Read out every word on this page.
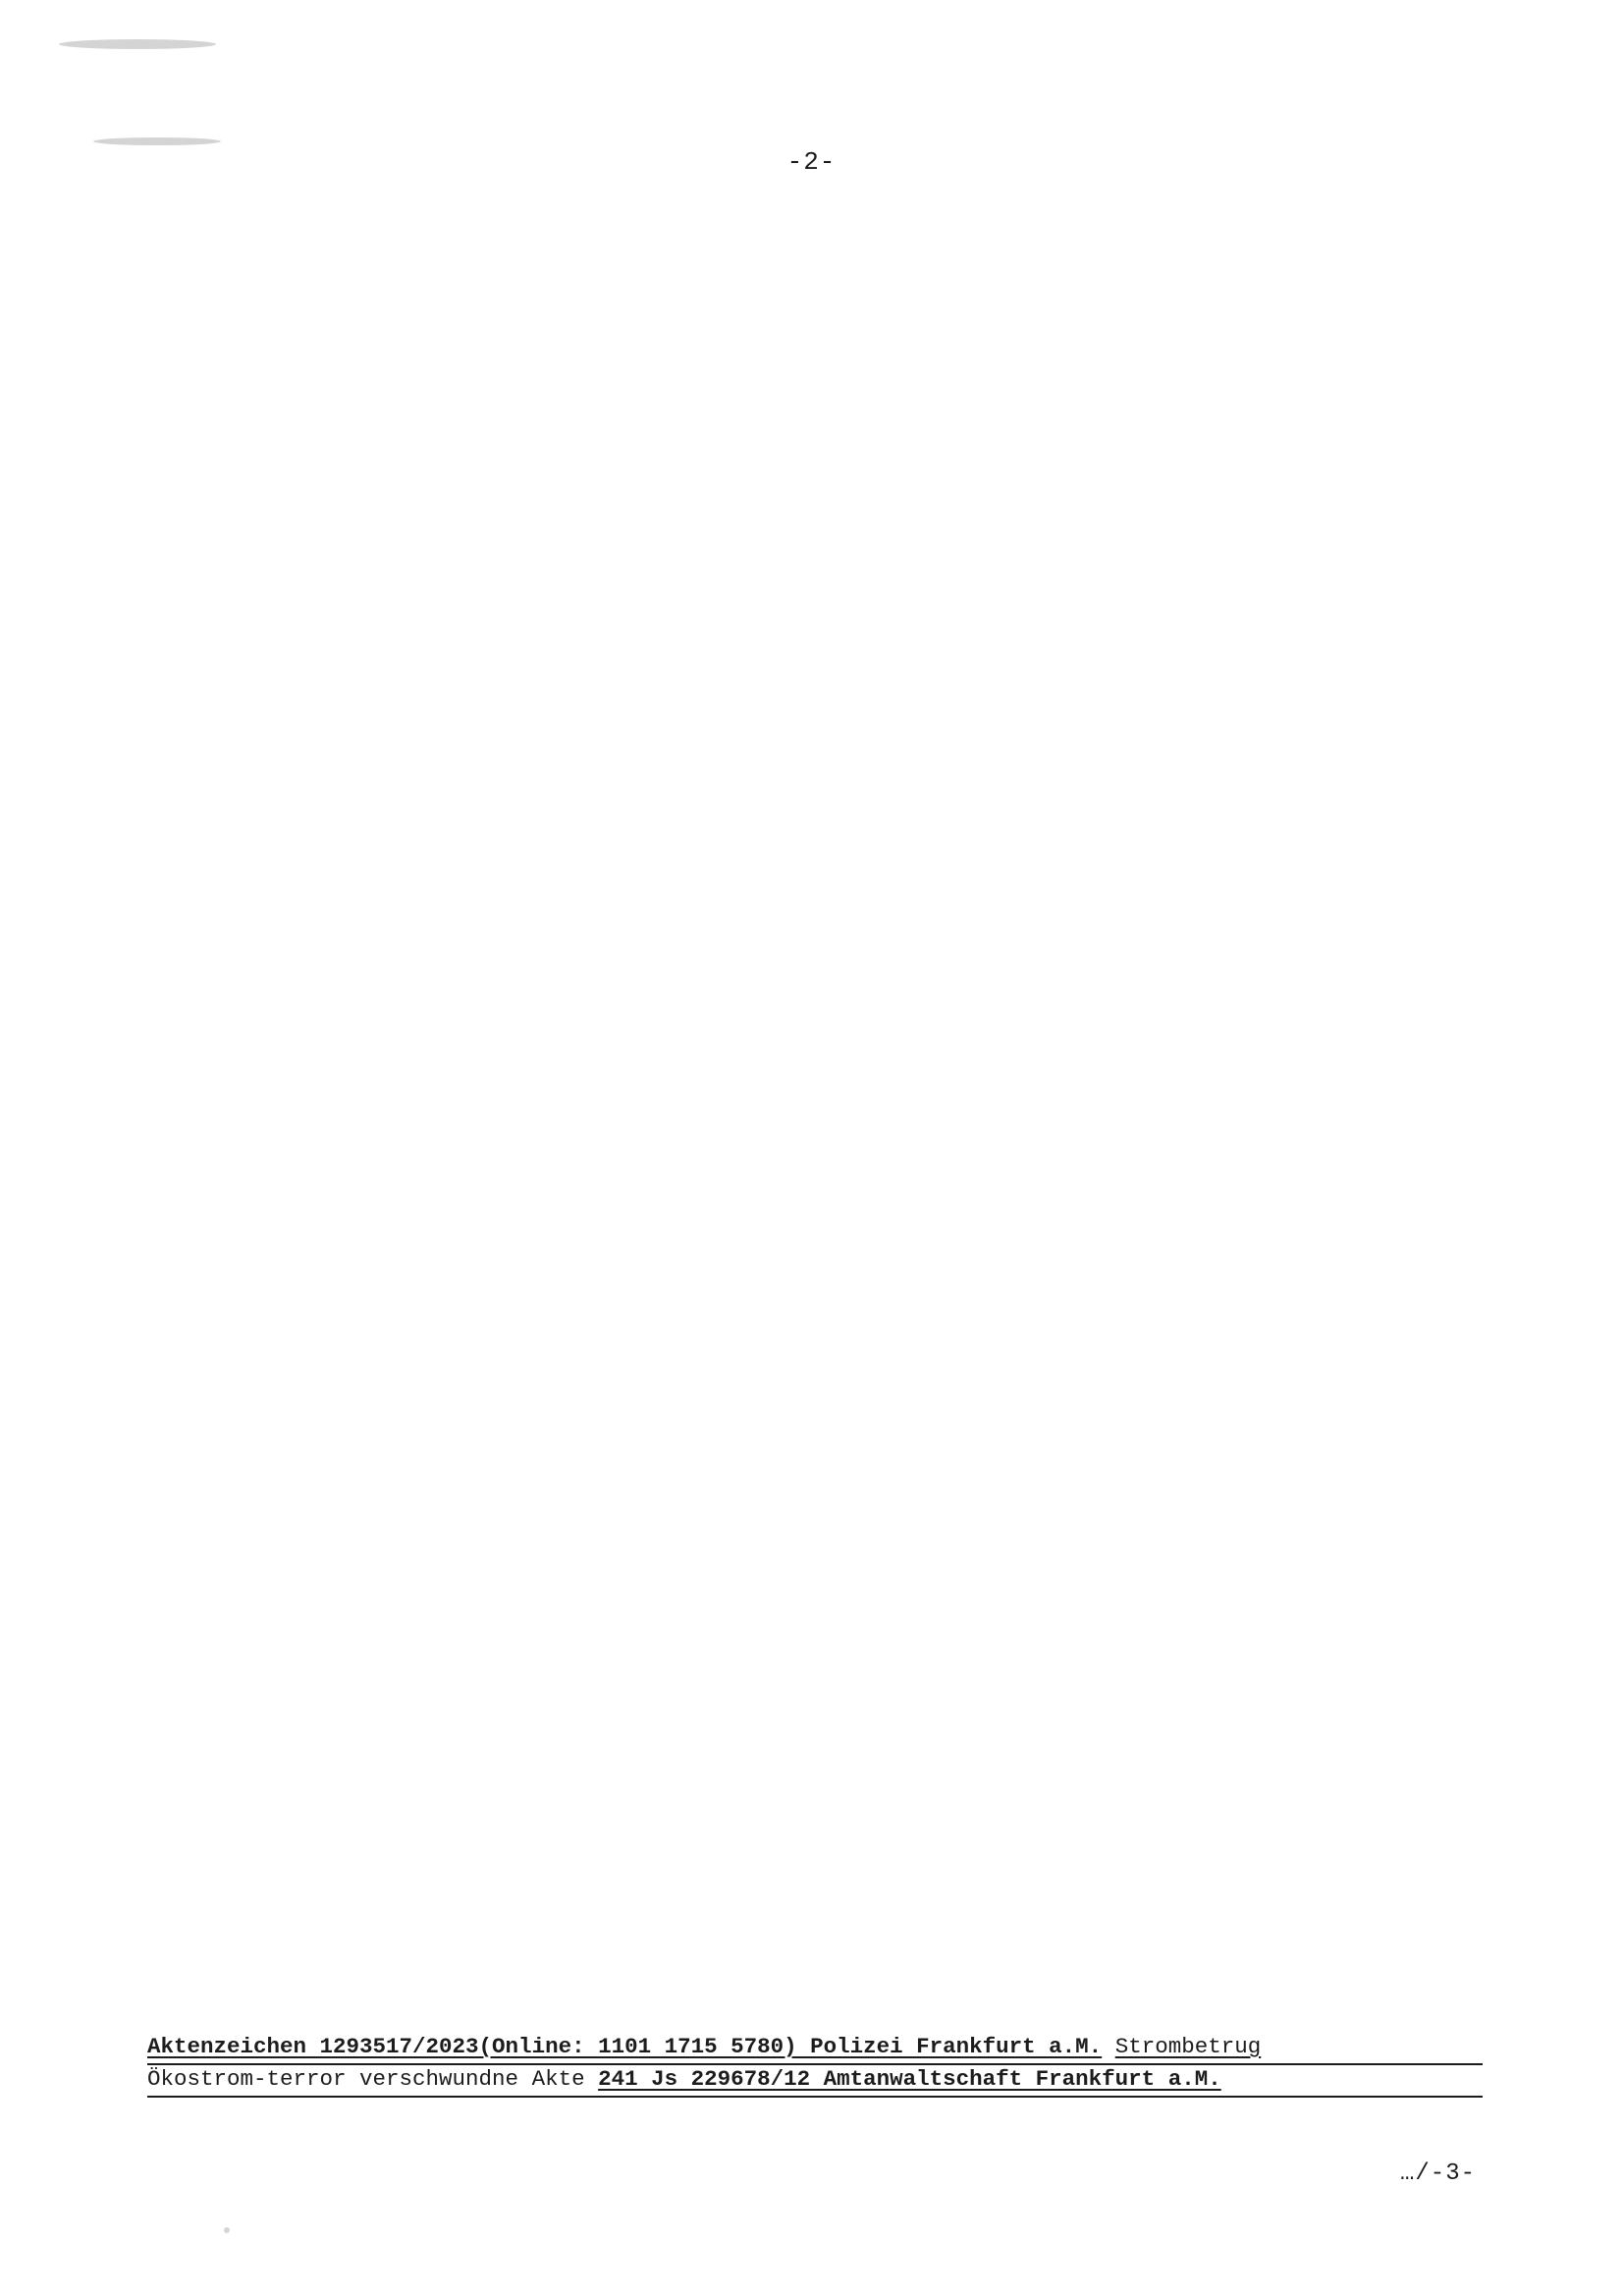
-2-
Aktenzeichen 1293517/2023(Online: 1101 1715 5780) Polizei Frankfurt a.M. Strombetrug
Ökostrom-terror verschwundne Akte 241 Js 229678/12 Amtanwaltschaft Frankfurt a.M.
…/-3-
